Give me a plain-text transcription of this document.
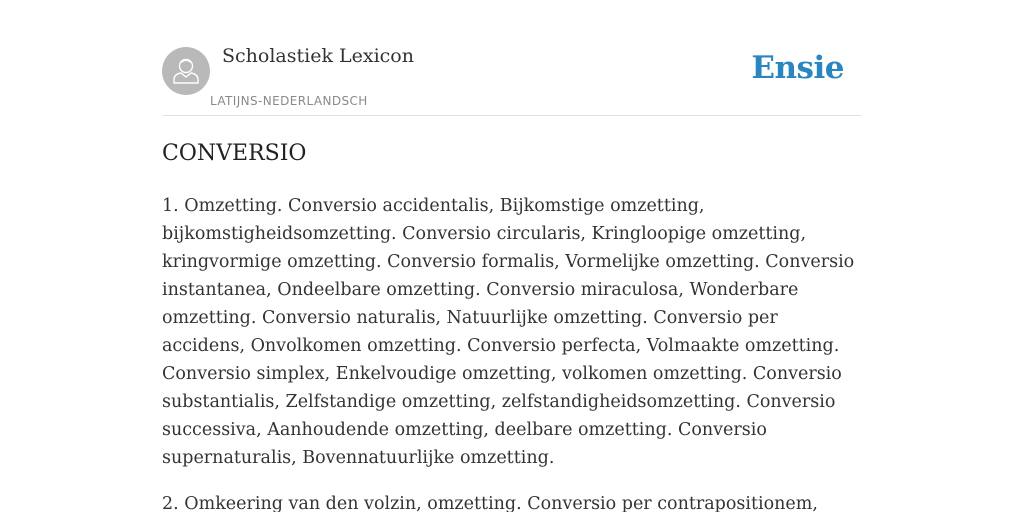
Scholastiek Lexicon
LATIJNS-NEDERLANDSCH
Ensie
CONVERSIO

1. Omzetting. Conversio accidentalis, Bijkomstige omzetting, bijkomstigheidsomzetting. Conversio circularis, Kringloopige omzetting, kringvormige omzetting. Conversio formalis, Vormelijke omzetting. Conversio instantanea, Ondeelbare omzetting. Conversio miraculosa, Wonderbare omzetting. Conversio naturalis, Natuurlijke omzetting. Conversio per accidens, Onvolkomen omzetting. Conversio perfecta, Volmaakte omzetting. Conversio simplex, Enkelvoudige omzetting, volkomen omzetting. Conversio substantialis, Zelfstandige omzetting, zelfstandigheidsomzetting. Conversio successiva, Aanhoudende omzetting, deelbare omzetting. Conversio supernaturalis, Bovennatuurlijke omzetting.

2. Omkeering van den volzin, omzetting. Conversio per contrapositionem,
